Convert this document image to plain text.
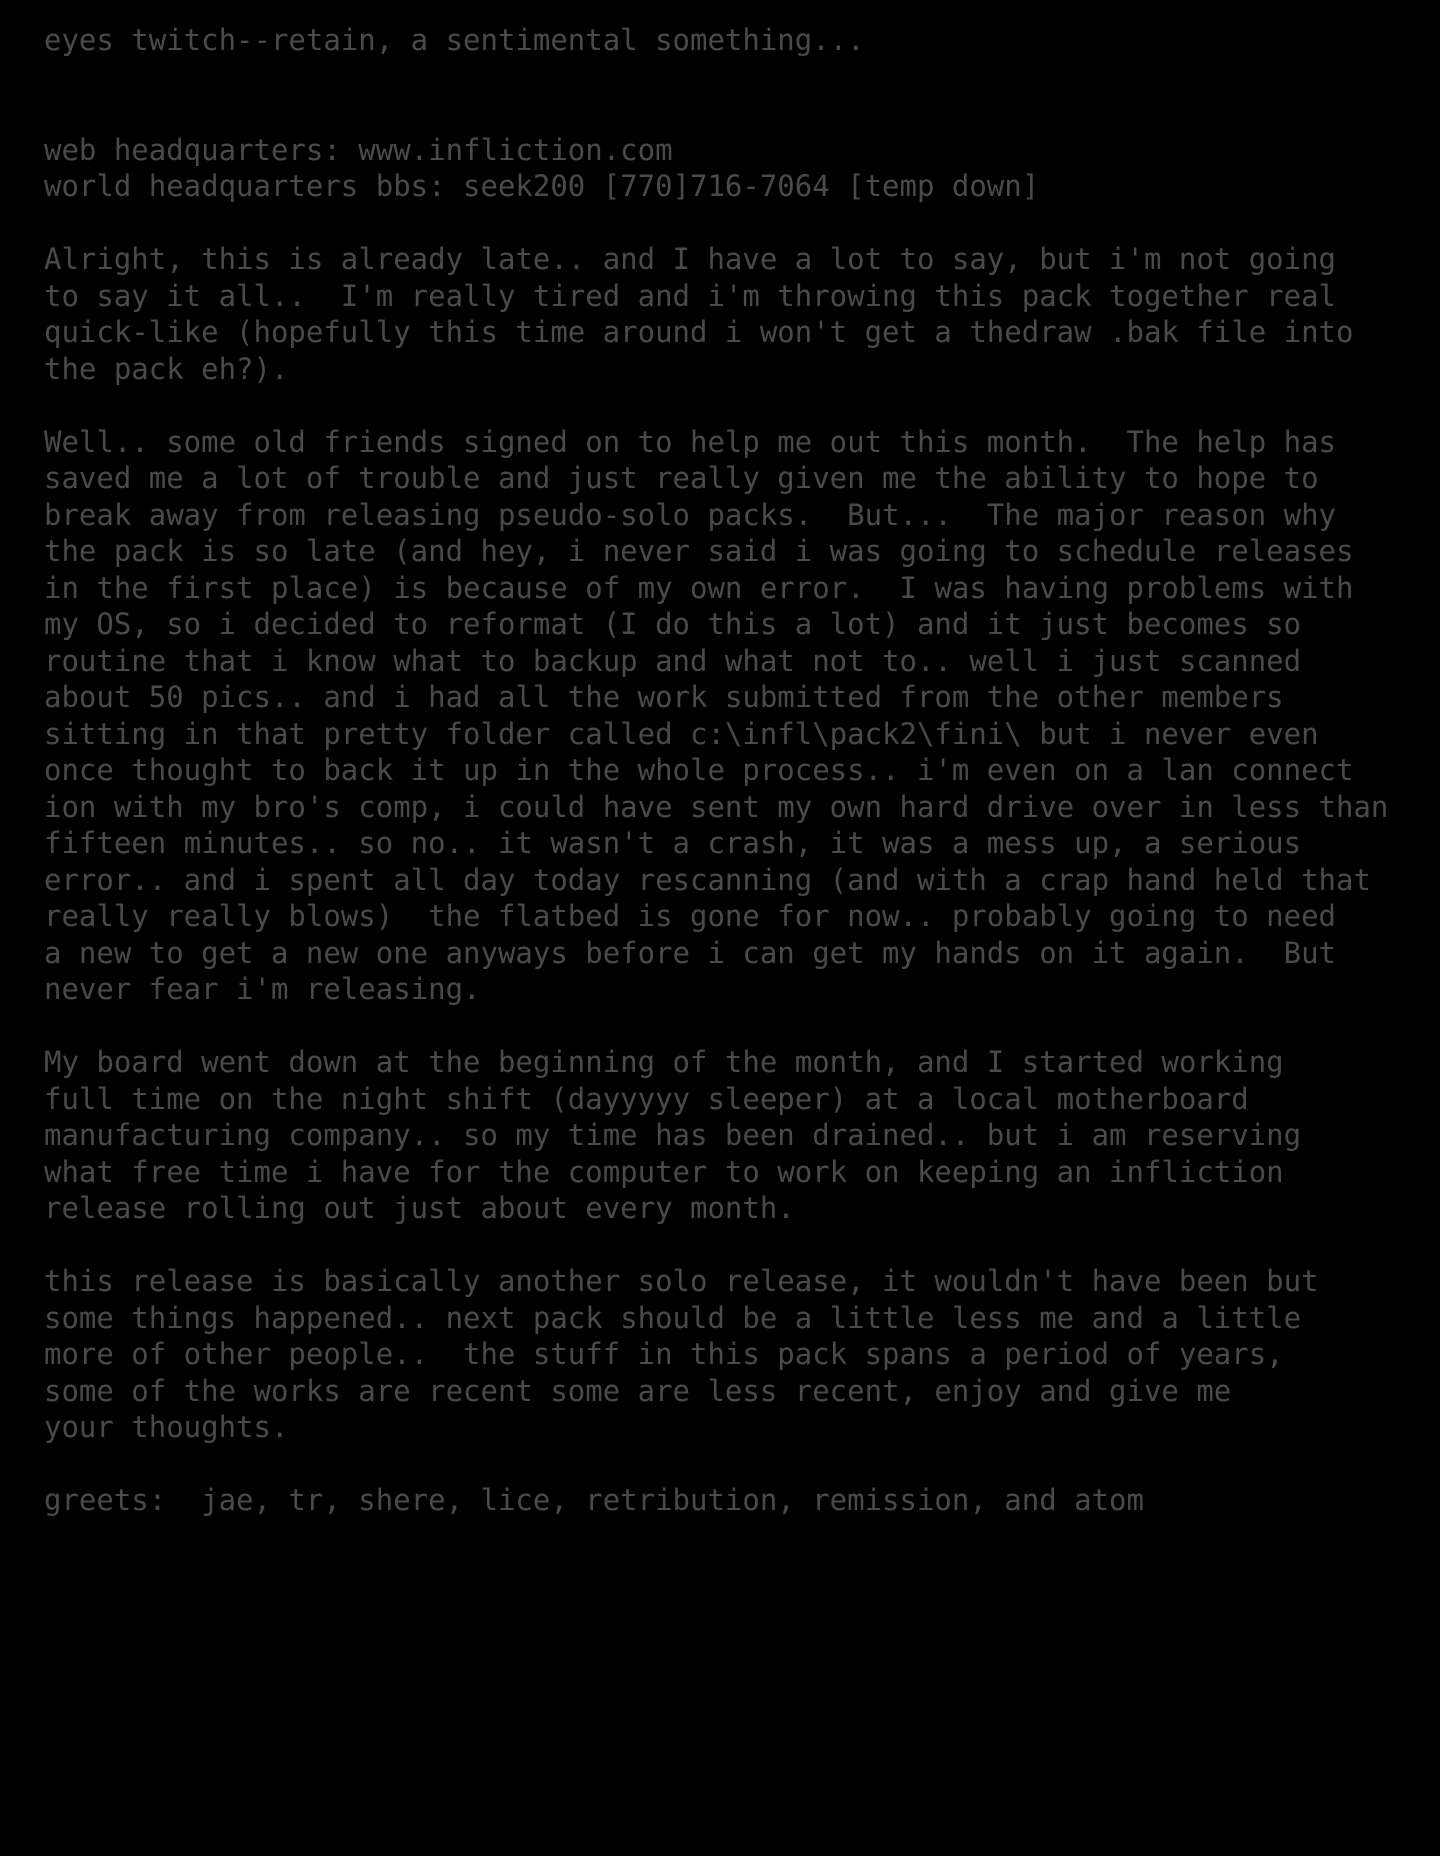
eyes twitch--retain, a sentimental something...

web headquarters: www.infliction.com
world headquarters bbs: seek200 [770]716-7064 [temp down]

Alright, this is already late.. and I have a lot to say, but i'm not going
to say it all..  I'm really tired and i'm throwing this pack together real
quick-like (hopefully this time around i won't get a thedraw .bak file into
the pack eh?).

Well.. some old friends signed on to help me out this month.  The help has
saved me a lot of trouble and just really given me the ability to hope to
break away from releasing pseudo-solo packs.  But...  The major reason why
the pack is so late (and hey, i never said i was going to schedule releases
in the first place) is because of my own error.  I was having problems with
my OS, so i decided to reformat (I do this a lot) and it just becomes so
routine that i know what to backup and what not to.. well i just scanned
about 50 pics.. and i had all the work submitted from the other members
sitting in that pretty folder called c:\infl\pack2\fini\ but i never even
once thought to back it up in the whole process.. i'm even on a lan connect
ion with my bro's comp, i could have sent my own hard drive over in less than
fifteen minutes.. so no.. it wasn't a crash, it was a mess up, a serious
error.. and i spent all day today rescanning (and with a crap hand held that
really really blows)  the flatbed is gone for now.. probably going to need
a new to get a new one anyways before i can get my hands on it again.  But
never fear i'm releasing.

My board went down at the beginning of the month, and I started working
full time on the night shift (dayyyyy sleeper) at a local motherboard
manufacturing company.. so my time has been drained.. but i am reserving
what free time i have for the computer to work on keeping an infliction
release rolling out just about every month.

this release is basically another solo release, it wouldn't have been but
some things happened.. next pack should be a little less me and a little
more of other people..  the stuff in this pack spans a period of years,
some of the works are recent some are less recent, enjoy and give me
your thoughts.

greets:  jae, tr, shere, lice, retribution, remission, and atom
